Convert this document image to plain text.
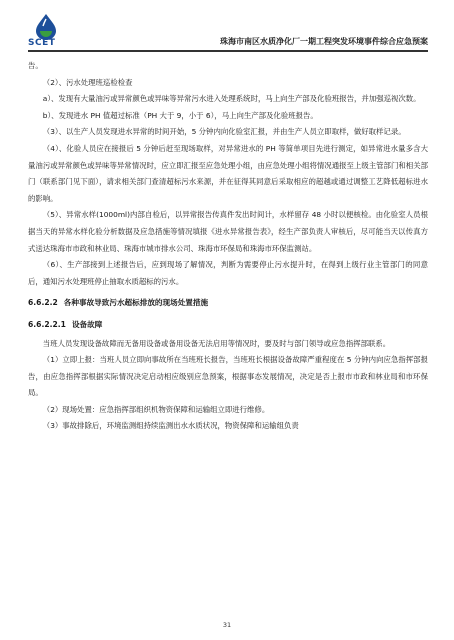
SCET	珠海市南区水质净化厂一期工程突发环境事件综合应急预案

告。

（2）、污水处理班巡检检查

a）、发现有大量油污或异常颜色或异味等异常污水进入处理系统时，马上向生产部及化验班报告，并加强巡视次数。

b）、发现进水 PH 值超过标准（PH 大于 9，小于 6），马上向生产部及化验班报告。

（3）、以生产人员发现进水异常的时间开始，5 分钟内向化验室汇报，并由生产人员立即取样，做好取样记录。

（4）、化验人员应在接报后 5 分钟后赶至现场取样，对异常进水的 PH 等简单项目先进行测定，如异常进水量多含大量油污或异常颜色或异味等异常情况时，应立即汇报至应急处理小组，由应急处理小组将情况通报至上级主管部门和相关部门（联系部门见下面），请求相关部门查清超标污水来源，并在征得其同意后采取相应的超越或通过调整工艺降低超标进水的影响。

（5）、异常水样(1000ml)内部自检后，以异常报告传真件发出时间计，水样留存 48 小时以便核检。由化验室人员根据当天的异常水样化验分析数据及应急措施等情况填报《进水异常报告表》，经生产部负责人审核后，尽可能当天以传真方式送达珠海市市政和林业局、珠海市城市排水公司、珠海市环保局和珠海市环保监测站。

（6）、生产部接到上述报告后，应到现场了解情况，判断为需要停止污水提升时，在得到上级行业主管部门的同意后，通知污水处理班停止抽取水质超标的污水。

6.6.2.2 各种事故导致污水超标排放的现场处置措施

6.6.2.2.1 设备故障

当班人员发现设备故障而无备用设备或备用设备无法启用等情况时，要及时与部门领导或应急指挥部联系。

（1）立即上报：当班人员立即向事故所在当班班长报告，当班班长根据设备故障严重程度在 5 分钟内向应急指挥部报告，由应急指挥部根据实际情况决定启动相应级别应急预案，根据事态发展情况，决定是否上报市市政和林业局和市环保局。

（2）现场处置：应急指挥部组织机物资保障和运输组立即进行维修。

（3）事故排除后，环境监测组持续监测出水水质状况，物资保障和运输组负责

31
